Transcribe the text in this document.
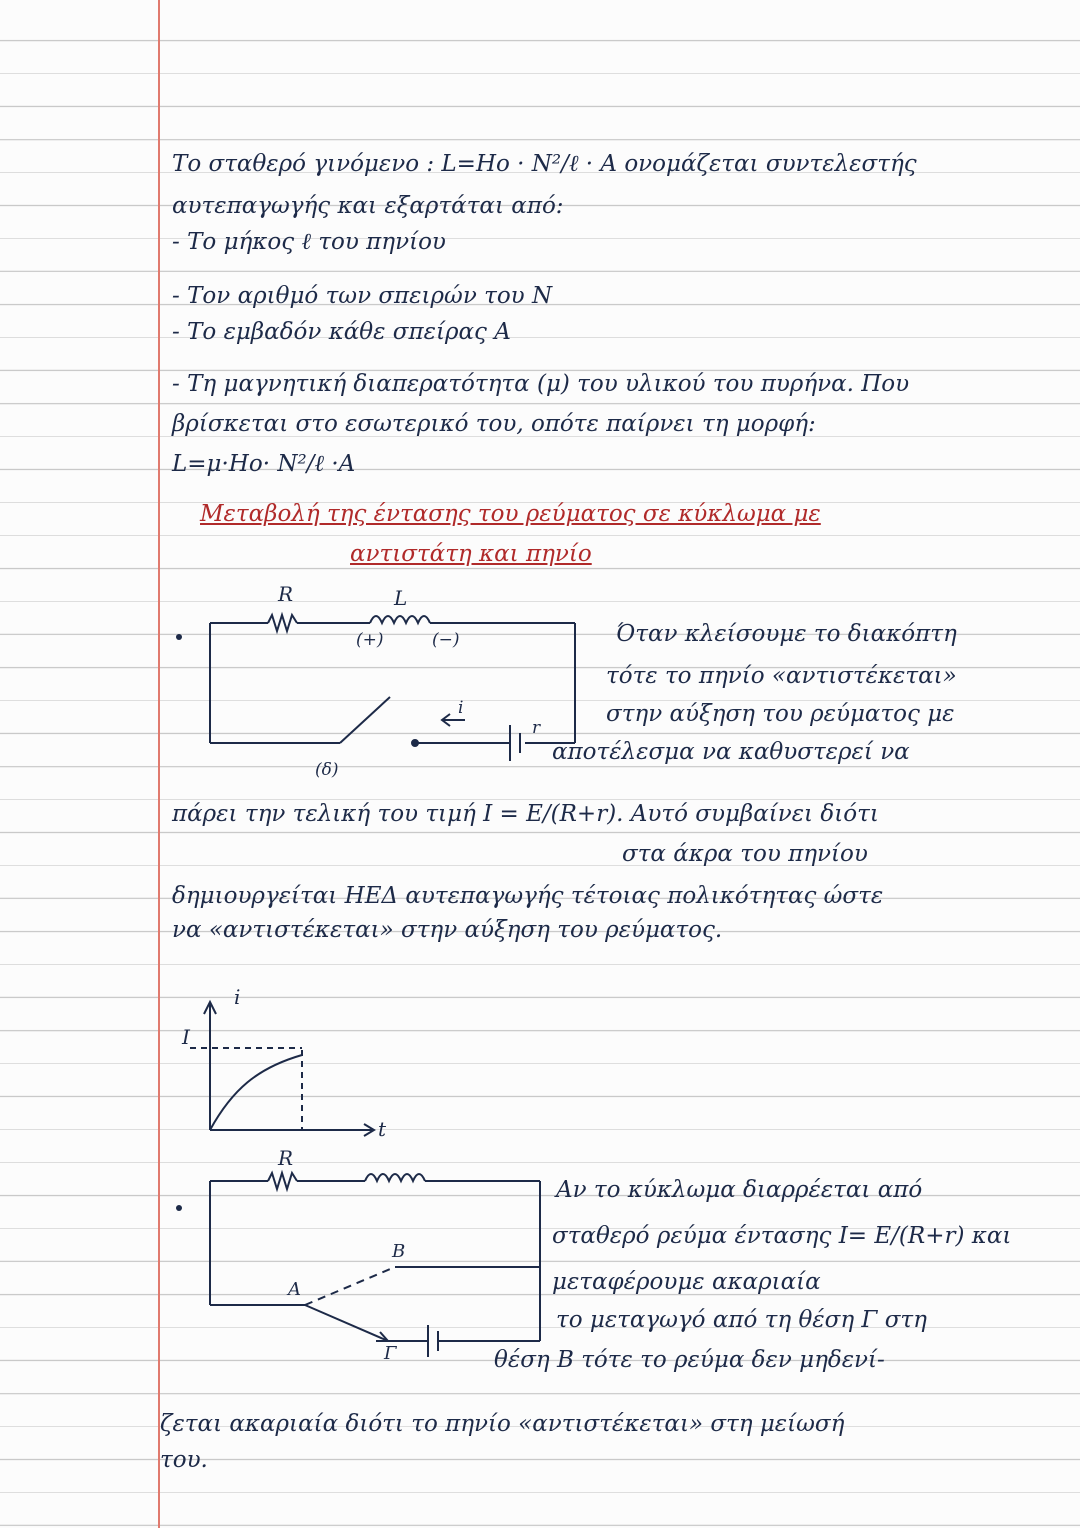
Το σταθερό γινόμενο : L=Ho · N²/ℓ · A ονομάζεται συντελεστής
αυτεπαγωγής και εξαρτάται από:
- Το μήκος ℓ του πηνίου
- Τον αριθμό των σπειρών του N
- Το εμβαδόν κάθε σπείρας A
- Τη μαγνητική διαπερατότητα (μ) του υλικού του πυρήνα. Που
βρίσκεται στο εσωτερικό του, οπότε παίρνει τη μορφή:
L=μ·Ho· N²/ℓ ·A
Μεταβολή της έντασης του ρεύματος σε κύκλωμα με
αντιστάτη και πηνίο
R	L
(+)	(−)
(δ)
i
r
Όταν κλείσουμε το διακόπτη
τότε το πηνίο «αντιστέκεται»
στην αύξηση του ρεύματος με
αποτέλεσμα να καθυστερεί να
πάρει την τελική του τιμή I = E/(R+r). Αυτό συμβαίνει διότι
στα άκρα του πηνίου
δημιουργείται ΗΕΔ αυτεπαγωγής τέτοιας πολικότητας ώστε
να «αντιστέκεται» στην αύξηση του ρεύματος.
i
t
I
R
A
B
Γ
Αν το κύκλωμα διαρρέεται από
σταθερό ρεύμα έντασης I= E/(R+r) και
μεταφέρουμε ακαριαία
το μεταγωγό από τη θέση Γ στη
θέση B τότε το ρεύμα δεν μηδενί-
ζεται ακαριαία διότι το πηνίο «αντιστέκεται» στη μείωσή
του.
